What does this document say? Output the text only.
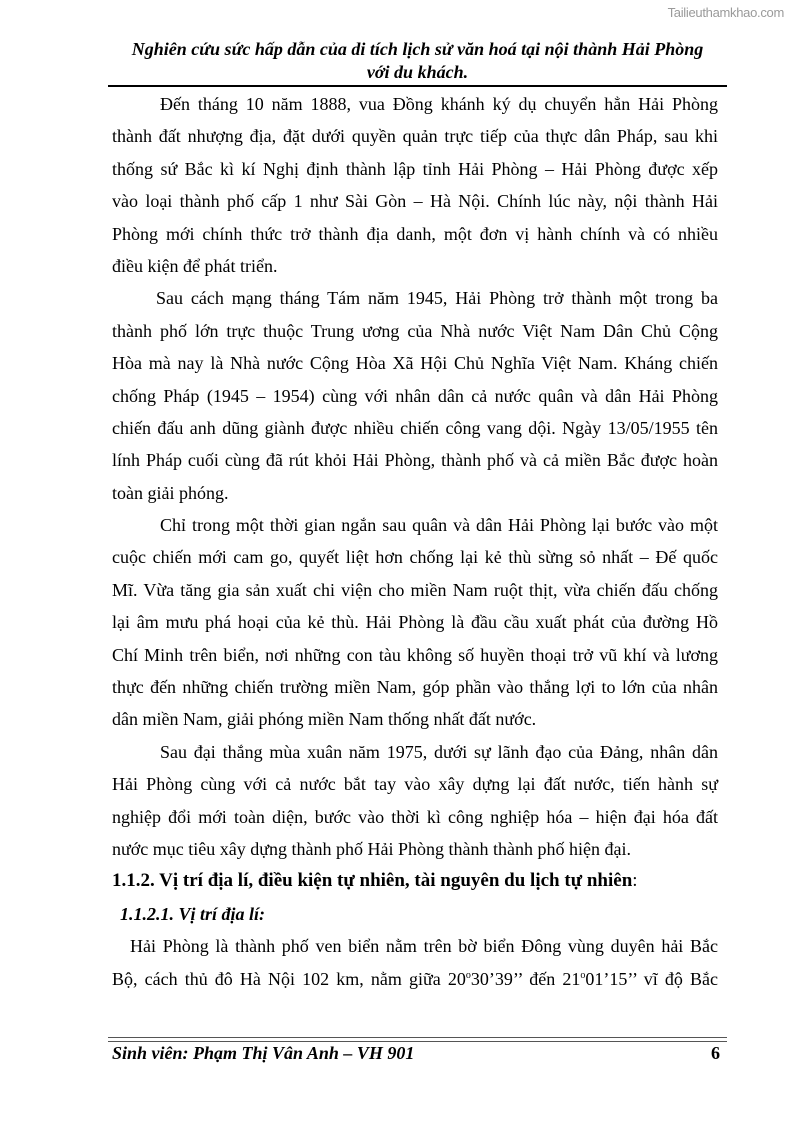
Tailieuthamkhao.com
Nghiên cứu sức hấp dẫn của di tích lịch sử văn hoá tại nội thành Hải Phòng
với du khách.
Đến tháng 10 năm 1888, vua Đồng khánh ký dụ chuyển hẳn Hải Phòng
thành đất nhượng địa, đặt dưới quyền quản trực tiếp của thực dân Pháp, sau khi
thống sứ Bắc kì kí Nghị định thành lập tỉnh Hải Phòng – Hải Phòng được xếp
vào loại thành phố cấp 1 như Sài Gòn – Hà Nội. Chính lúc này, nội thành Hải
Phòng mới chính thức trở thành địa danh, một đơn vị hành chính và có nhiều
điều kiện để phát triển.
Sau cách mạng tháng Tám năm 1945, Hải Phòng trở thành một trong ba
thành phố lớn trực thuộc Trung ương của Nhà nước Việt Nam Dân Chủ Cộng
Hòa mà nay là Nhà nước Cộng Hòa Xã Hội Chủ Nghĩa Việt Nam. Kháng chiến
chống Pháp (1945 – 1954) cùng với nhân dân cả nước quân và dân Hải Phòng
chiến đấu anh dũng giành được nhiều chiến công vang dội. Ngày 13/05/1955 tên
lính Pháp cuối cùng đã rút khỏi Hải Phòng, thành phố và cả miền Bắc được hoàn
toàn giải phóng.
Chỉ trong một thời gian ngắn sau quân và dân Hải Phòng lại bước vào một
cuộc chiến mới cam go, quyết liệt hơn chống lại kẻ thù sừng sỏ nhất – Đế quốc
Mĩ. Vừa tăng gia sản xuất chi viện cho miền Nam ruột thịt, vừa chiến đấu chống
lại âm mưu phá hoại của kẻ thù. Hải Phòng là đầu cầu xuất phát của đường Hồ
Chí Minh trên biển, nơi những con tàu không số huyền thoại trở vũ khí và lương
thực đến những chiến trường miền Nam, góp phần vào thắng lợi to lớn của nhân
dân miền Nam, giải phóng miền Nam thống nhất đất nước.
Sau đại thắng mùa xuân năm 1975, dưới sự lãnh đạo của Đảng, nhân dân
Hải Phòng cùng với cả nước bắt tay vào xây dựng lại đất nước, tiến hành sự
nghiệp đổi mới toàn diện, bước vào thời kì công nghiệp hóa – hiện đại hóa đất
nước mục tiêu xây dựng thành phố Hải Phòng thành thành phố hiện đại.
1.1.2. Vị trí địa lí, điều kiện tự nhiên, tài nguyên du lịch tự nhiên:
1.1.2.1. Vị trí địa lí:
Hải Phòng là thành phố ven biển nằm trên bờ biển Đông vùng duyên hải Bắc
Bộ, cách thủ đô Hà Nội 102 km, nằm giữa 20$^o$30’39’’ đến 21$^o$01’15’’ vĩ độ Bắc
Sinh viên: Phạm Thị Vân Anh – VH 901	6
